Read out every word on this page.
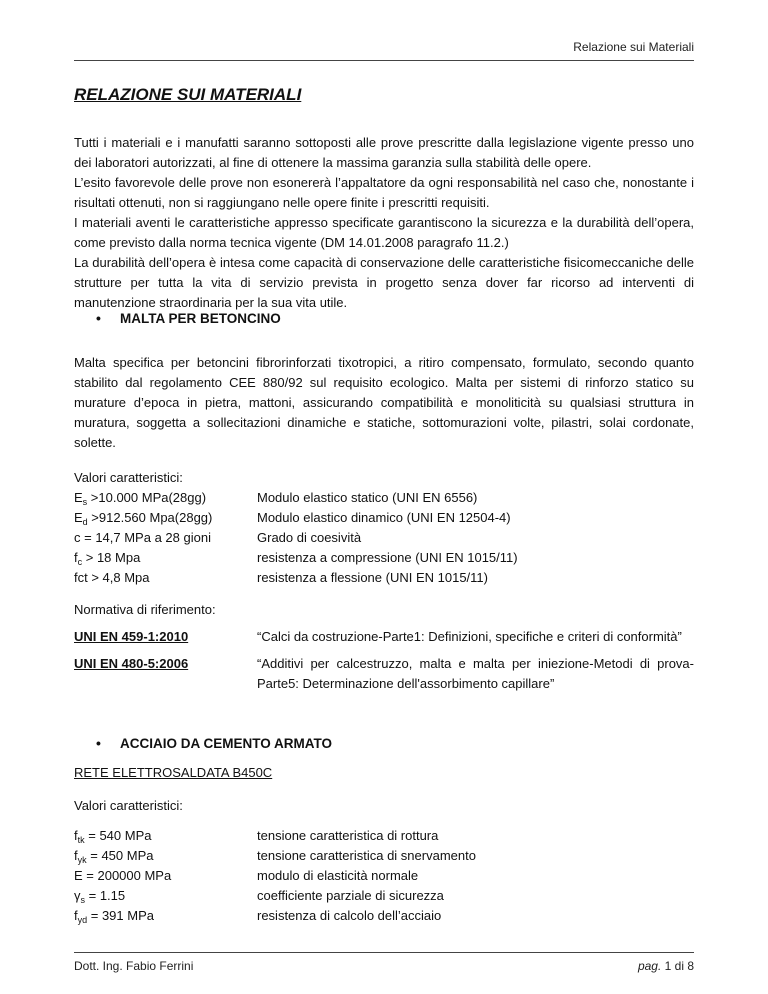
Relazione sui Materiali
RELAZIONE SUI MATERIALI

Tutti i materiali e i manufatti saranno sottoposti alle prove prescritte dalla legislazione vigente presso uno dei laboratori autorizzati, al fine di ottenere la massima garanzia sulla stabilità delle opere.

L’esito favorevole delle prove non esonererà l’appaltatore da ogni responsabilità nel caso che, nonostante i risultati ottenuti, non si raggiungano nelle opere finite i prescritti requisiti.

I materiali aventi le caratteristiche appresso specificate garantiscono la sicurezza e la durabilità dell’opera, come previsto dalla norma tecnica vigente (DM 14.01.2008 paragrafo 11.2.)

La durabilità dell’opera è intesa come capacità di conservazione delle caratteristiche fisicomeccaniche delle strutture per tutta la vita di servizio prevista in progetto senza dover far ricorso ad interventi di manutenzione straordinaria per la sua vita utile.

•	MALTA PER BETONCINO

Malta specifica per betoncini fibrorinforzati tixotropici, a ritiro compensato, formulato, secondo quanto stabilito dal regolamento CEE 880/92 sul requisito ecologico. Malta per sistemi di rinforzo statico su murature d’epoca in pietra, mattoni, assicurando compatibilità e monoliticità su qualsiasi struttura in muratura, soggetta a sollecitazioni dinamiche e statiche, sottomurazioni volte, pilastri, solai cordonate, solette.

Valori caratteristici:
$E_s >10.000$ MPa(28gg)	Modulo elastico statico (UNI EN 6556)
$E_d >912.560$ Mpa(28gg)	Modulo elastico dinamico (UNI EN 12504-4)
c = 14,7 MPa a 28 gioni	Grado di coesività
$f_c > 18$ Mpa	resistenza a compressione (UNI EN 1015/11)
fct > 4,8 Mpa	resistenza a flessione (UNI EN 1015/11)
Normativa di riferimento:
UNI EN 459-1:2010	“Calci da costruzione-Parte1: Definizioni, specifiche e criteri di conformità”
UNI EN 480-5:2006	“Additivi per calcestruzzo, malta e malta per iniezione-Metodi di prova-Parte5: Determinazione dell'assorbimento capillare”
•	ACCIAIO DA CEMENTO ARMATO
RETE ELETTROSALDATA B450C
Valori caratteristici:
$f_{tk} = 540$ MPa	tensione caratteristica di rottura
$f_{yk} = 450$ MPa	tensione caratteristica di snervamento
E = 200000 MPa	modulo di elasticità normale
$\gamma_s = 1.15$	coefficiente parziale di sicurezza
$f_{yd} = 391$ MPa	resistenza di calcolo dell’acciaio
Dott. Ing. Fabio Ferrini	pag. 1 di 8
